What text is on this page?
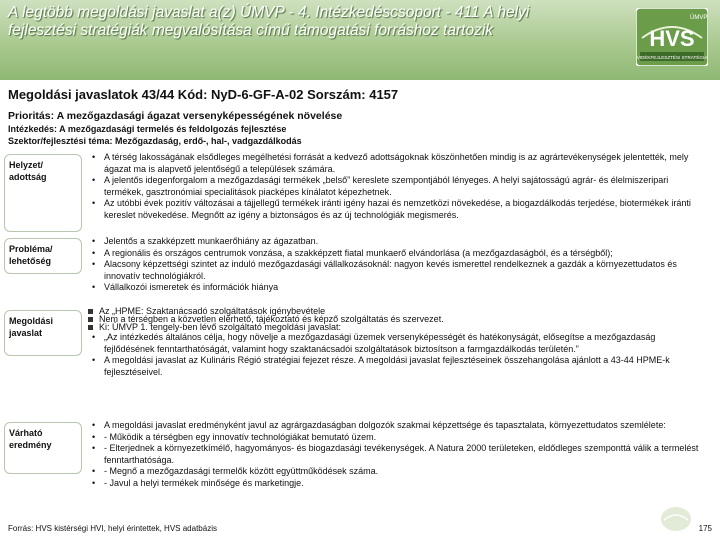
A legtöbb megoldási javaslat a(z) ÚMVP - 4. Intézkedéscsoport - 411 A helyi fejlesztési stratégiák megvalósítása című támogatási forráshoz tartozik
ÚMVP
HVS
VIDÉKFEJLESZTÉSI STRATÉGIA
Megoldási javaslatok 43/44 Kód: NyD-6-GF-A-02 Sorszám: 4157
Prioritás: A mezőgazdasági ágazat versenyképességének növelése
Intézkedés: A mezőgazdasági termelés és feldolgozás fejlesztése
Szektor/fejlesztési téma: Mezőgazdaság, erdő-, hal-, vadgazdálkodás
Helyzet/ adottság
• A térség lakosságának elsődleges megélhetési forrását a kedvező adottságoknak köszönhetően mindig is az agrártevékenységek jelentették, mely ágazat ma is alapvető jelentőségű a települések számára.
• A jelentős idegenforgalom a mezőgazdasági termékek „belső” kereslete szempontjából lényeges. A helyi sajátosságú agrár- és élelmiszeripari termékek, gasztronómiai specialitások piacképes kínálatot képezhetnek.
• Az utóbbi évek pozitív változásai a tájjellegű termékek iránti igény hazai és nemzetközi növekedése, a biogazdálkodás terjedése, biotermékek iránti kereslet növekedése. Megnőtt az igény a biztonságos és az új technológiák megismerés.
Probléma/ lehetőség
• Jelentős a szakképzett munkaerőhiány az ágazatban.
• A regionális és országos centrumok vonzása, a szakképzett fiatal munkaerő elvándorlása (a mezőgazdaságból, és a térségből);
• Alacsony képzettségi szintet az induló mezőgazdasági vállalkozásoknál: nagyon kevés ismerettel rendelkeznek a gazdák a környezettudatos és innovatív technológiákról.
• Vállalkozói ismeretek és információk hiánya
Az „HPME: Szaktanácsadó szolgáltatások igénybevétele
Nem a térségben a közvetlen elérhető, tájékoztató és képző szolgáltatás és szervezet.
Ki: ÚMVP 1. tengely-ben lévő szolgáltató megoldási javaslat:
Megoldási javaslat
•	„Az intézkedés általános célja, hogy növelje a mezőgazdasági üzemek versenyképességét és hatékonyságát, elősegítse a mezőgazdaság fejlődésének fenntarthatóságát, valamint hogy szaktanácsadói szolgáltatások biztosítson a farmgazdálkodás területén.”
• A megoldási javaslat az Kulináris Régió stratégiai fejezet része. A megoldási javaslat fejlesztéseinek összehangolása ajánlott a 43-44 HPME-k fejlesztéseivel.
Várható eredmény
• A megoldási javaslat eredményként javul az agrárgazdaságban dolgozók szakmai képzettsége és tapasztalata, környezettudatos szemlélete:
• - Működik a térségben egy innovatív technológiákat bemutató üzem.
• - Elterjednek a környezetkímélő, hagyományos- és biogazdasági tevékenységek. A Natura 2000 területeken, eldődleges szemponttá válik a termelést fenntarthatósága.
• - Megnő a mezőgazdasági termelők között együttműködések száma.
• - Javul a helyi termékek minősége és marketingje.
Forrás: HVS kistérségi HVI, helyi érintettek, HVS adatbázis	175
